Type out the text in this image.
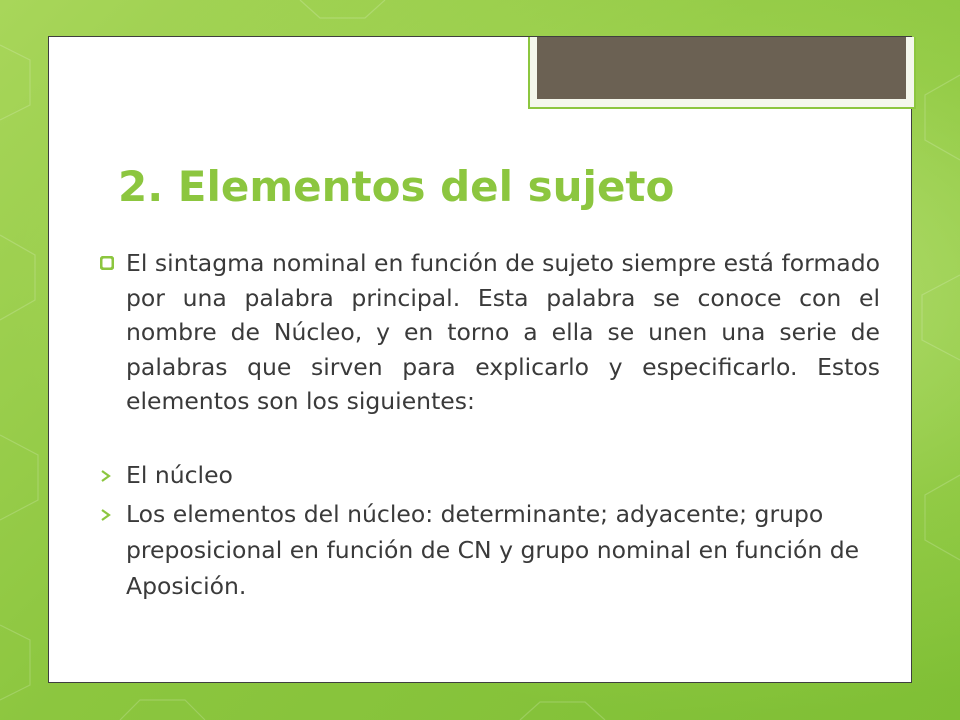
2. Elementos del sujeto

El sintagma nominal en función de sujeto siempre está formado por una palabra principal. Esta palabra se conoce con el nombre de Núcleo, y en torno a ella se unen una serie de palabras que sirven para explicarlo y especificarlo. Estos elementos son los siguientes:

El núcleo

Los elementos del núcleo: determinante; adyacente; grupo preposicional en función de CN y grupo nominal en función de Aposición.
